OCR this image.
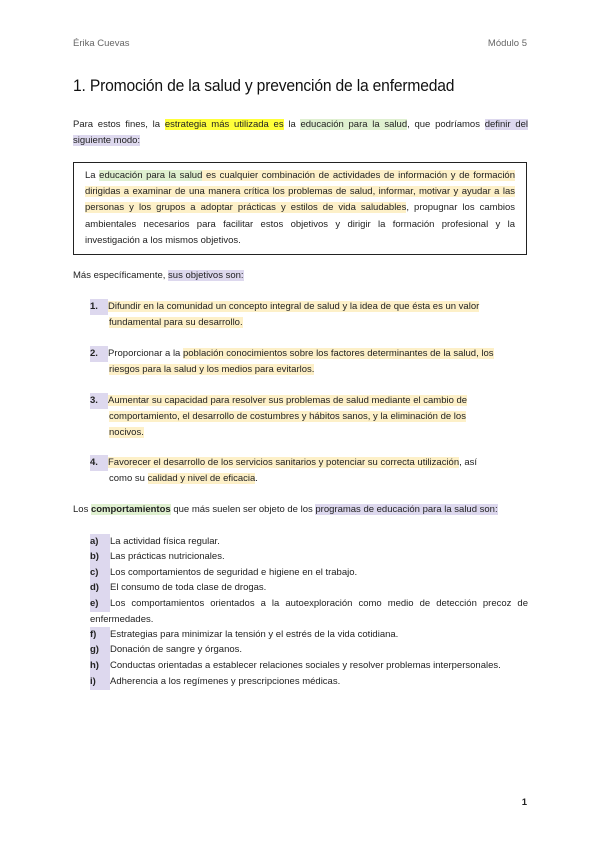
Érika Cuevas	Módulo 5
1. Promoción de la salud y prevención de la enfermedad
Para estos fines, la estrategia más utilizada es la educación para la salud, que podríamos definir del siguiente modo:
La educación para la salud es cualquier combinación de actividades de información y de formación dirigidas a examinar de una manera crítica los problemas de salud, informar, motivar y ayudar a las personas y los grupos a adoptar prácticas y estilos de vida saludables, propugnar los cambios ambientales necesarios para facilitar estos objetivos y dirigir la formación profesional y la investigación a los mismos objetivos.
Más específicamente, sus objetivos son:
1. Difundir en la comunidad un concepto integral de salud y la idea de que ésta es un valor
fundamental para su desarrollo.
2. Proporcionar a la población conocimientos sobre los factores determinantes de la salud, los
riesgos para la salud y los medios para evitarlos.
3. Aumentar su capacidad para resolver sus problemas de salud mediante el cambio de
comportamiento, el desarrollo de costumbres y hábitos sanos, y la eliminación de los
nocivos.
4. Favorecer el desarrollo de los servicios sanitarios y potenciar su correcta utilización, así
como su calidad y nivel de eficacia.
Los comportamientos que más suelen ser objeto de los programas de educación para la salud son:
a) La actividad física regular.
b) Las prácticas nutricionales.
c) Los comportamientos de seguridad e higiene en el trabajo.
d) El consumo de toda clase de drogas.
e) Los comportamientos orientados a la autoexploración como medio de detección precoz de enfermedades.
f) Estrategias para minimizar la tensión y el estrés de la vida cotidiana.
g) Donación de sangre y órganos.
h) Conductas orientadas a establecer relaciones sociales y resolver problemas interpersonales.
i) Adherencia a los regímenes y prescripciones médicas.
1
